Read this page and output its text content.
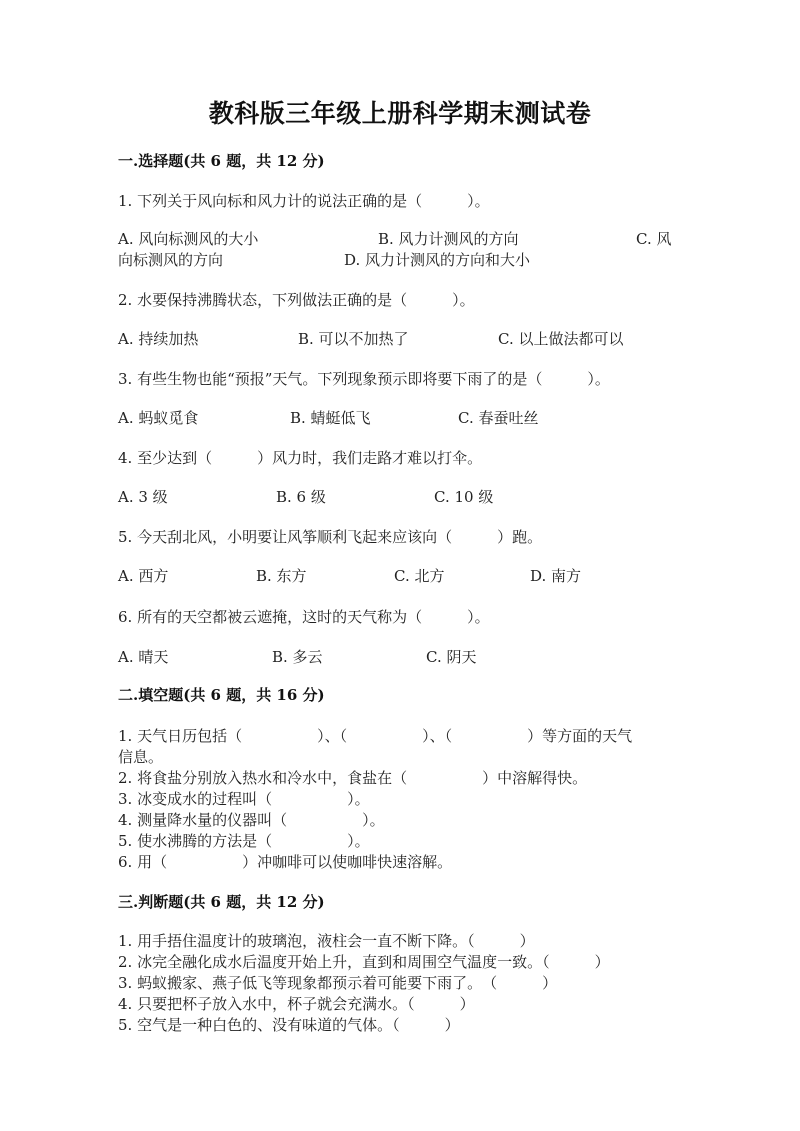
教科版三年级上册科学期末测试卷
一.选择题(共 6 题，共 12 分)
1. 下列关于风向标和风力计的说法正确的是（　　　）。
A. 风向标测风的大小	B. 风力计测风的方向	C. 风
向标测风的方向	D. 风力计测风的方向和大小
2. 水要保持沸腾状态，下列做法正确的是（　　　）。
A. 持续加热	B. 可以不加热了	C. 以上做法都可以
3. 有些生物也能“预报”天气。下列现象预示即将要下雨了的是（　　　）。
A. 蚂蚁觅食	B. 蜻蜓低飞	C. 春蚕吐丝
4. 至少达到（　　　）风力时，我们走路才难以打伞。
A. 3 级	B. 6 级	C. 10 级
5. 今天刮北风，小明要让风筝顺利飞起来应该向（　　　）跑。
A. 西方	B. 东方	C. 北方	D. 南方
6. 所有的天空都被云遮掩，这时的天气称为（　　　）。
A. 晴天	B. 多云	C. 阴天
二.填空题(共 6 题，共 16 分)
1. 天气日历包括（　　　　　）、（　　　　　）、（　　　　　）等方面的天气
信息。
2. 将食盐分别放入热水和冷水中，食盐在（　　　　　）中溶解得快。
3. 冰变成水的过程叫（　　　　　）。
4. 测量降水量的仪器叫（　　　　　）。
5. 使水沸腾的方法是（　　　　　）。
6. 用（　　　　　）冲咖啡可以使咖啡快速溶解。
三.判断题(共 6 题，共 12 分)
1. 用手捂住温度计的玻璃泡，液柱会一直不断下降。（　　　）
2. 冰完全融化成水后温度开始上升，直到和周围空气温度一致。（　　　）
3. 蚂蚁搬家、燕子低飞等现象都预示着可能要下雨了。　（　　　）
4. 只要把杯子放入水中，杯子就会充满水。（　　　）
5. 空气是一种白色的、没有味道的气体。（　　　）
